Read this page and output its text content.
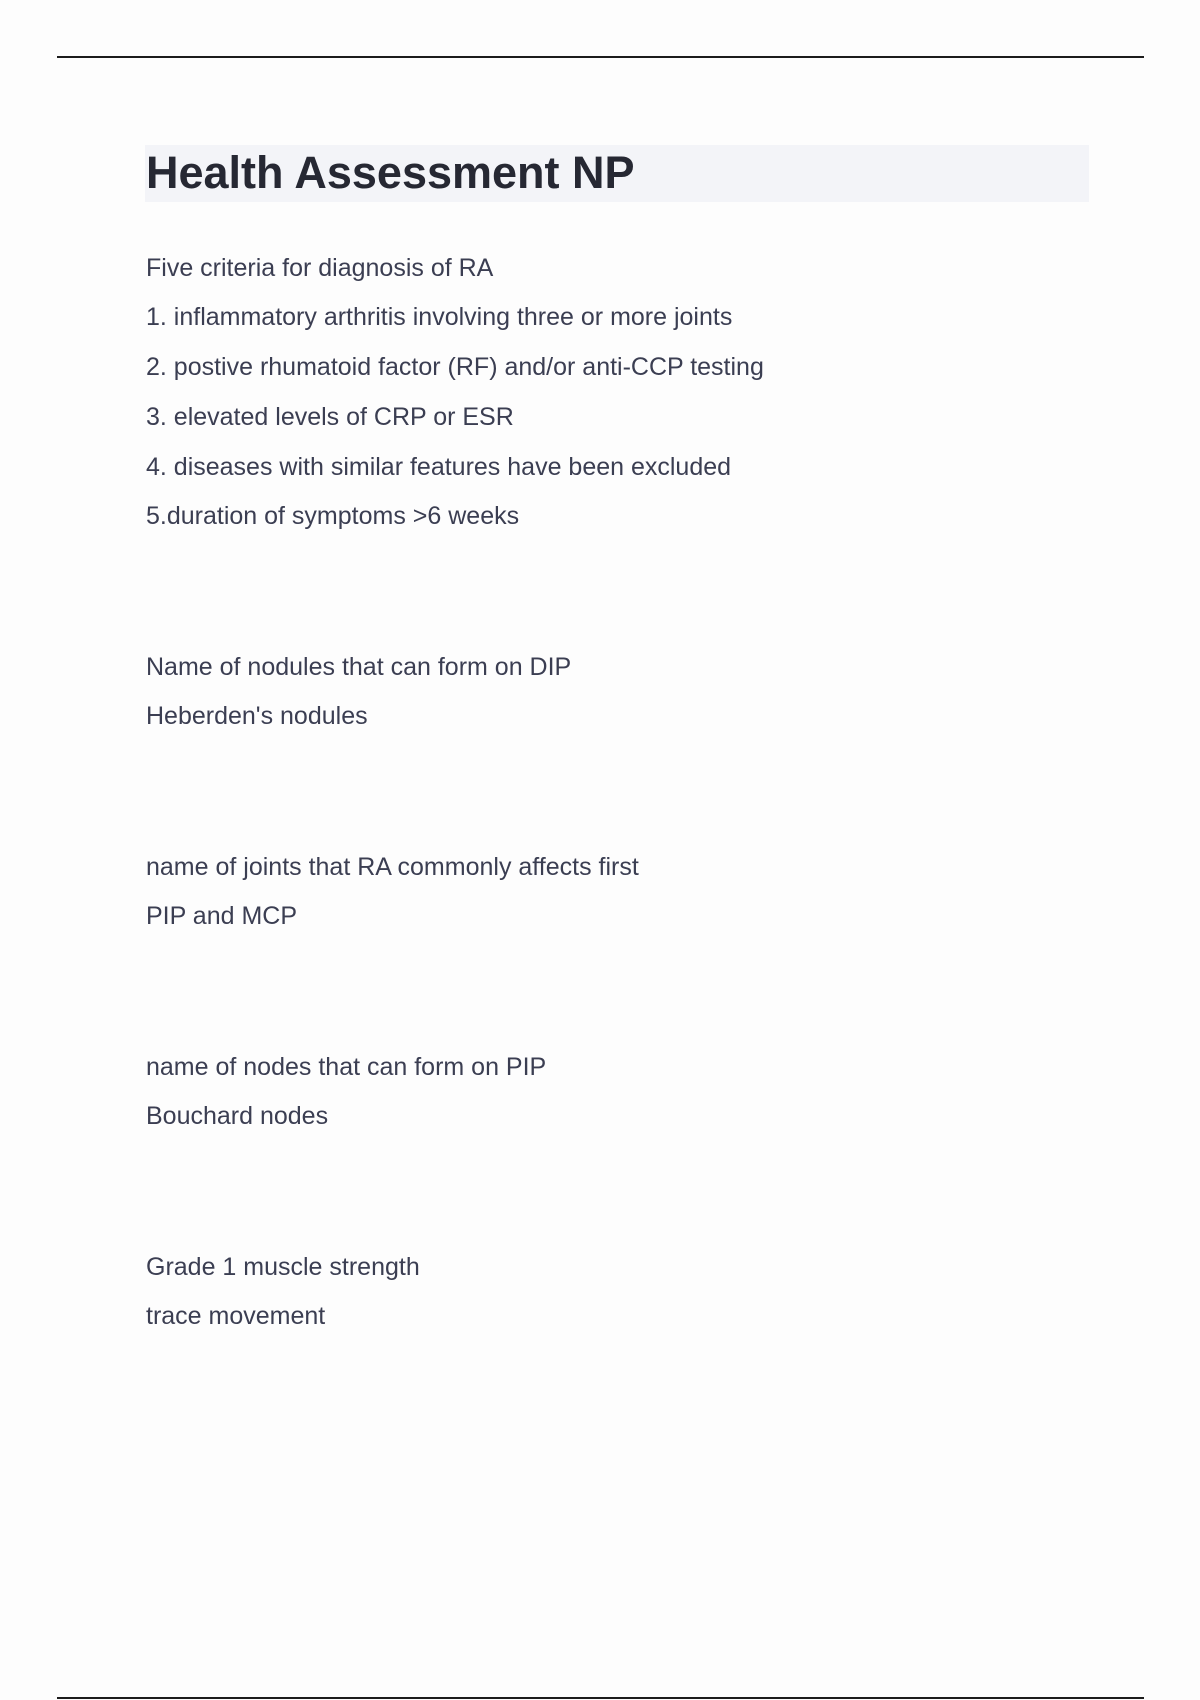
Health Assessment NP

Five criteria for diagnosis of RA

1. inflammatory arthritis involving three or more joints

2. postive rhumatoid factor (RF) and/or anti-CCP testing

3. elevated levels of CRP or ESR

4. diseases with similar features have been excluded

5.duration of symptoms >6 weeks

Name of nodules that can form on DIP

Heberden's nodules

name of joints that RA commonly affects first

PIP and MCP

name of nodes that can form on PIP

Bouchard nodes

Grade 1 muscle strength

trace movement
